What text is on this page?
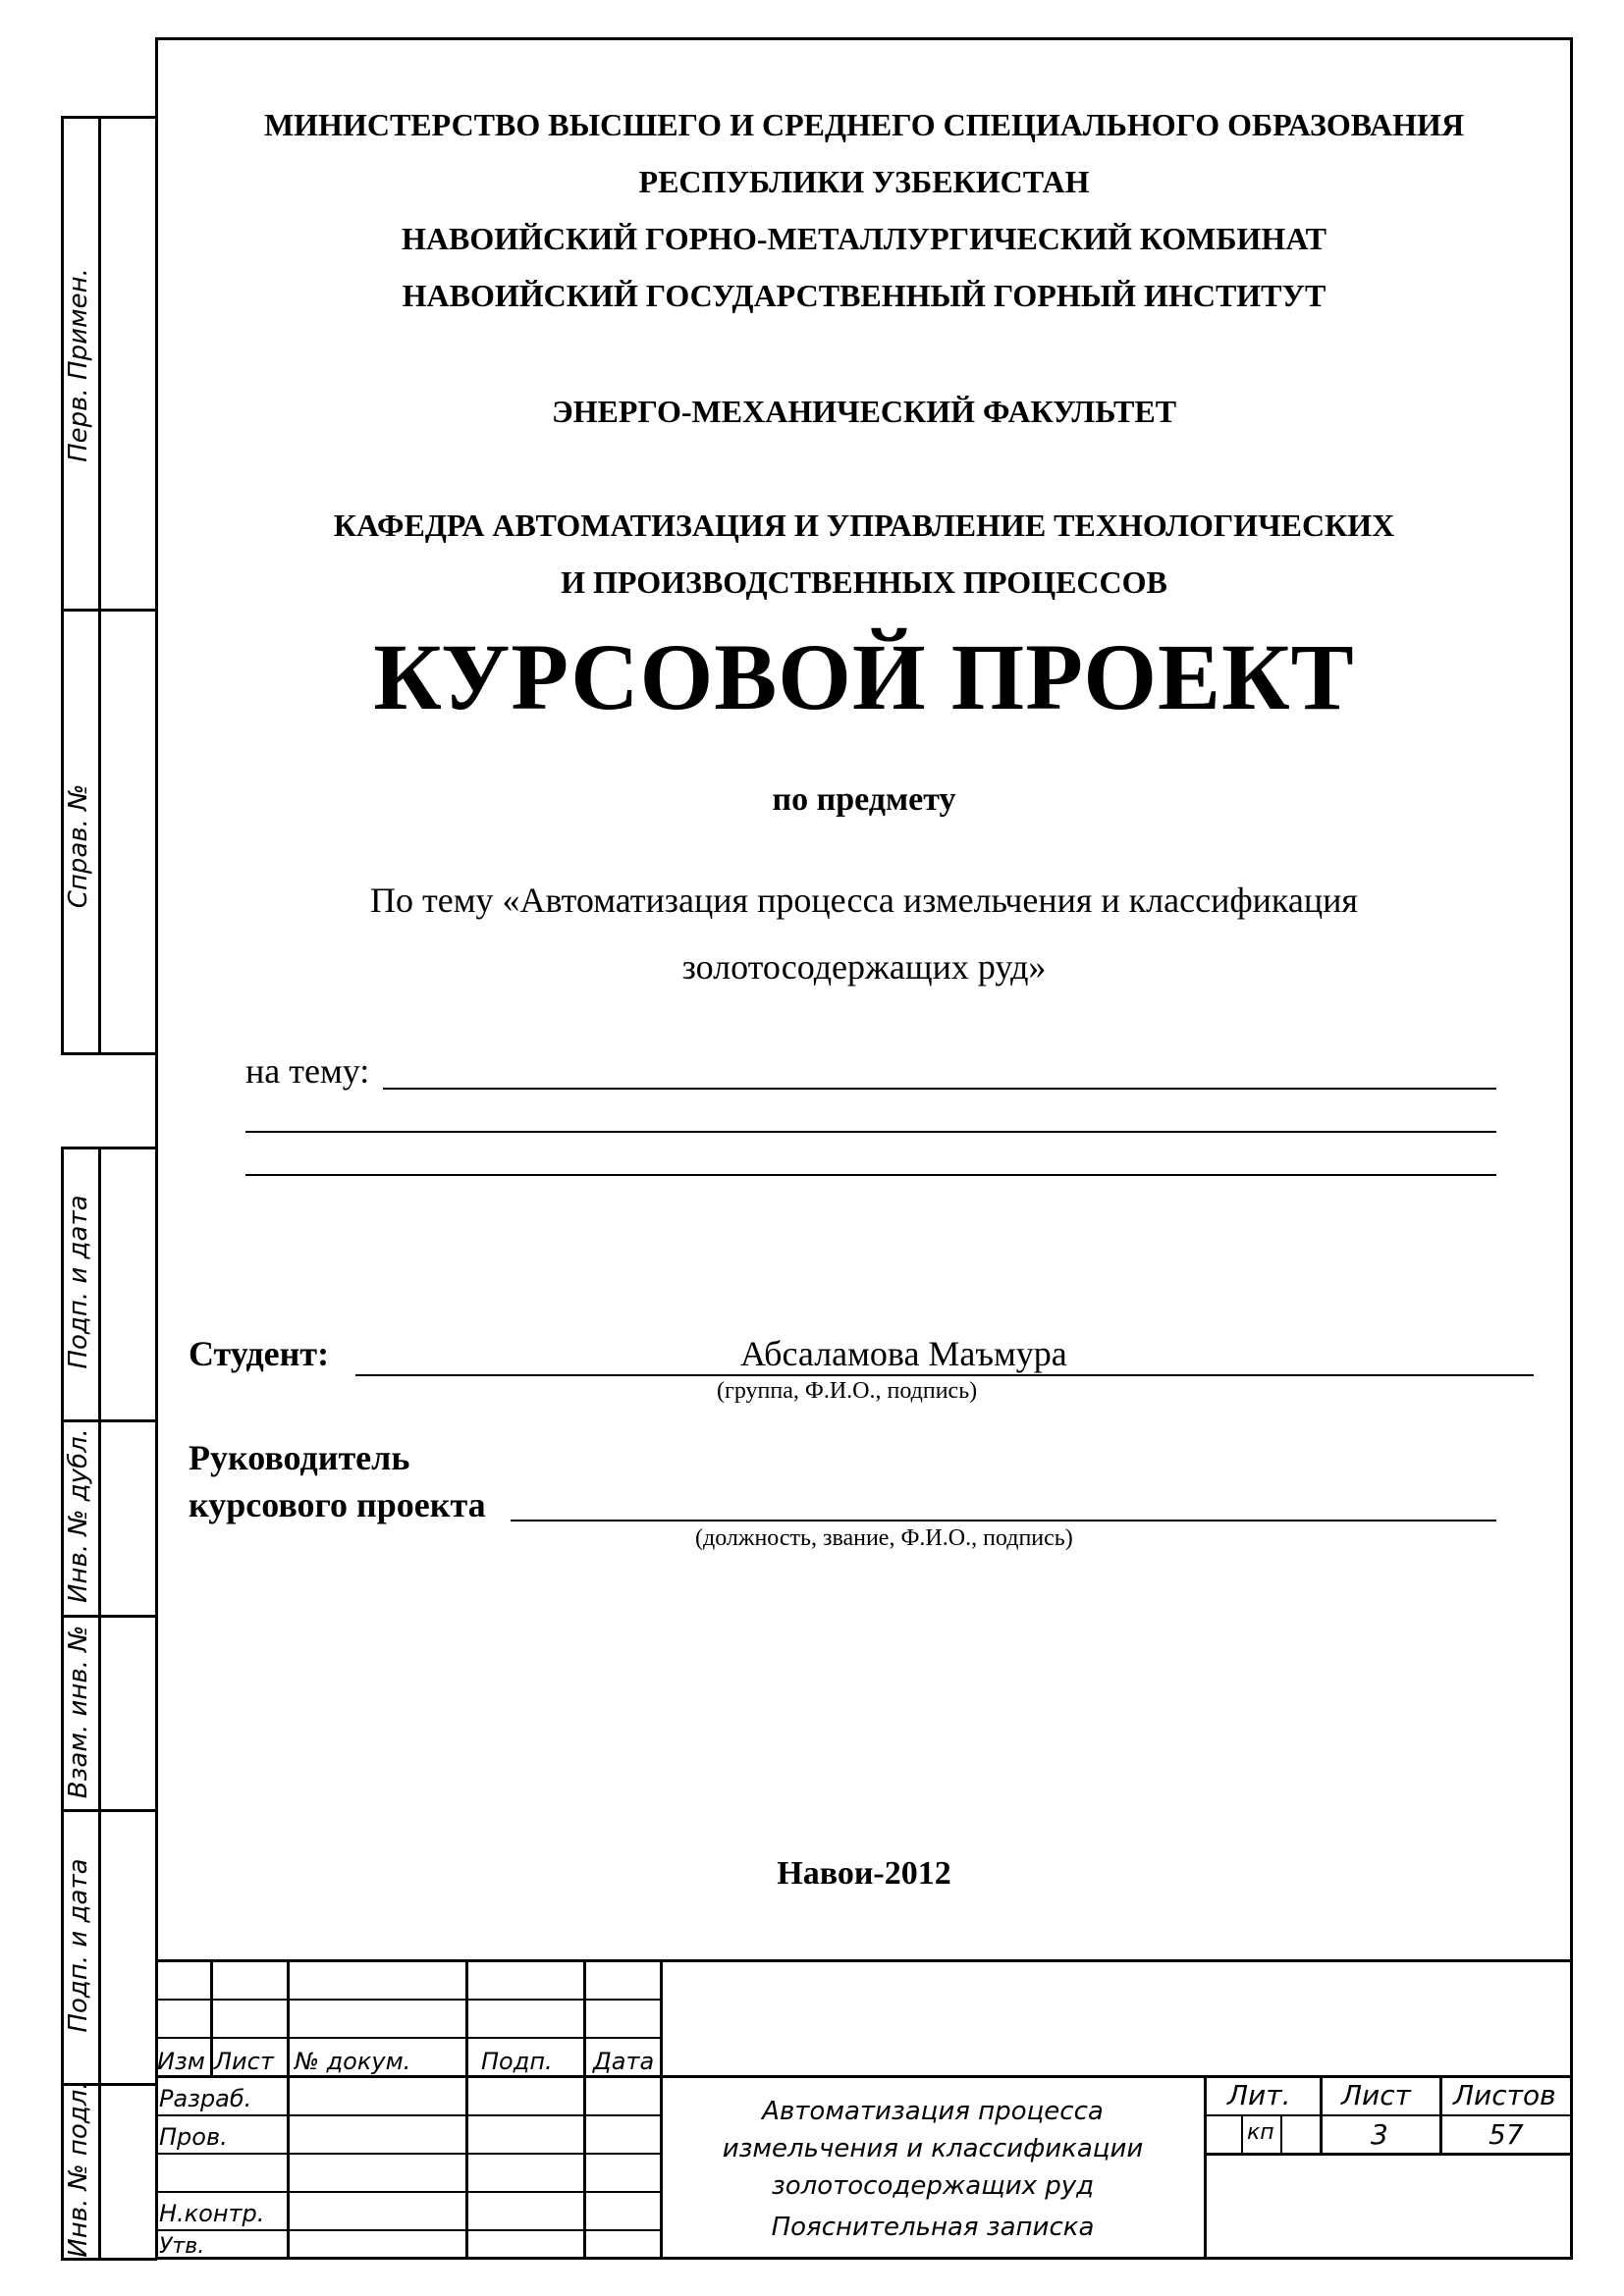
Перв. Примен.
Справ. №
Подп. и дата
Инв. № дубл.
Взам. инв. №
Подп. и дата
Инв. № подл.
МИНИСТЕРСТВО ВЫСШЕГО И СРЕДНЕГО СПЕЦИАЛЬНОГО ОБРАЗОВАНИЯ
РЕСПУБЛИКИ УЗБЕКИСТАН
НАВОИЙСКИЙ ГОРНО-МЕТАЛЛУРГИЧЕСКИЙ КОМБИНАТ
НАВОИЙСКИЙ ГОСУДАРСТВЕННЫЙ ГОРНЫЙ ИНСТИТУТ
ЭНЕРГО-МЕХАНИЧЕСКИЙ ФАКУЛЬТЕТ
КАФЕДРА АВТОМАТИЗАЦИЯ И УПРАВЛЕНИЕ ТЕХНОЛОГИЧЕСКИХ
И ПРОИЗВОДСТВЕННЫХ ПРОЦЕССОВ
КУРСОВОЙ ПРОЕКТ
по предмету
По тему «Автоматизация процесса измельчения и классификация
золотосодержащих руд»
на тему:
Студент:	Абсаламова Маъмура
(группа, Ф.И.О., подпись)
Руководитель
курсового проекта
(должность, звание, Ф.И.О., подпись)
Навои-2012
Изм Лист № докум.	Подп. Дата
Разраб.
Пров.
Н.контр.
Утв.
Автоматизация процесса
измельчения и классификации
золотосодержащих руд
Пояснительная записка
Лит. Лист Листов
кп	3	57
